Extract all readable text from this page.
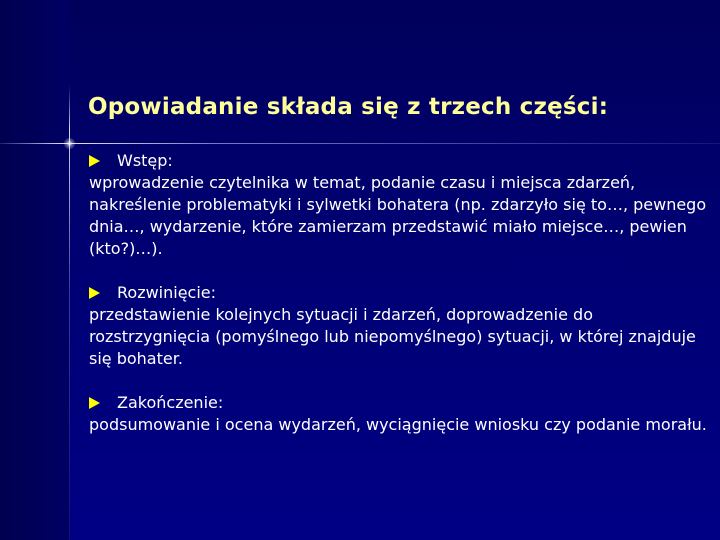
Opowiadanie składa się z trzech części:
Wstęp:
wprowadzenie czytelnika w temat, podanie czasu i miejsca zdarzeń, nakreślenie problematyki i sylwetki bohatera (np. zdarzyło się to…, pewnego dnia…, wydarzenie, które zamierzam przedstawić miało miejsce…, pewien (kto?)…).
Rozwinięcie:
przedstawienie kolejnych sytuacji i zdarzeń, doprowadzenie do rozstrzygnięcia (pomyślnego lub niepomyślnego) sytuacji, w której znajduje się bohater.
Zakończenie:
podsumowanie i ocena wydarzeń, wyciągnięcie wniosku czy podanie morału.
